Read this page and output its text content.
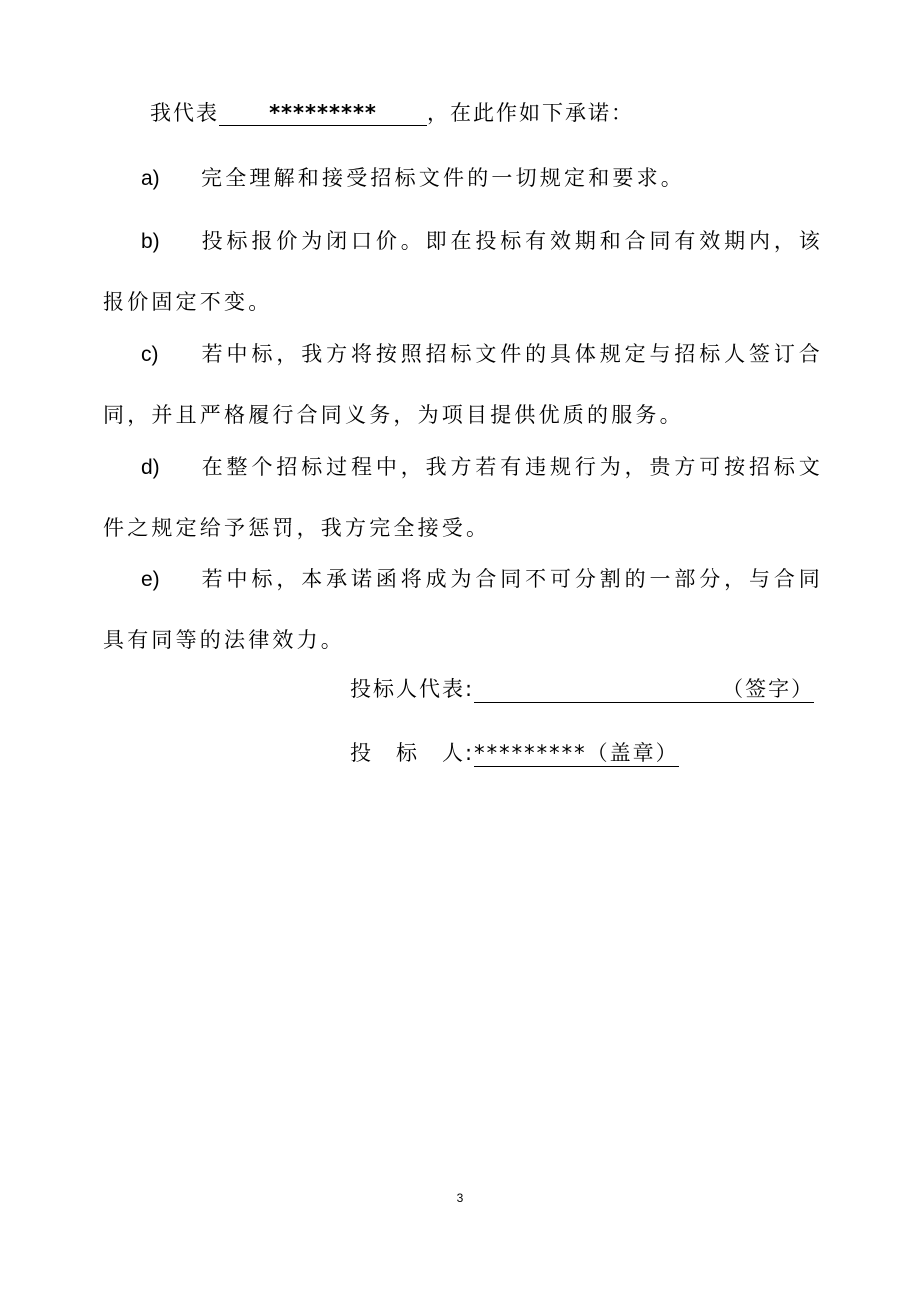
我代表 ********* ，在此作如下承诺：
a) 完全理解和接受招标文件的一切规定和要求。
b) 投标报价为闭口价。即在投标有效期和合同有效期内，该报价固定不变。
c) 若中标，我方将按照招标文件的具体规定与招标人签订合同，并且严格履行合同义务，为项目提供优质的服务。
d) 在整个招标过程中，我方若有违规行为，贵方可按招标文件之规定给予惩罚，我方完全接受。
e) 若中标，本承诺函将成为合同不可分割的一部分，与合同具有同等的法律效力。
投标人代表:	（签字）
投　标　人:*********（盖章）
3
